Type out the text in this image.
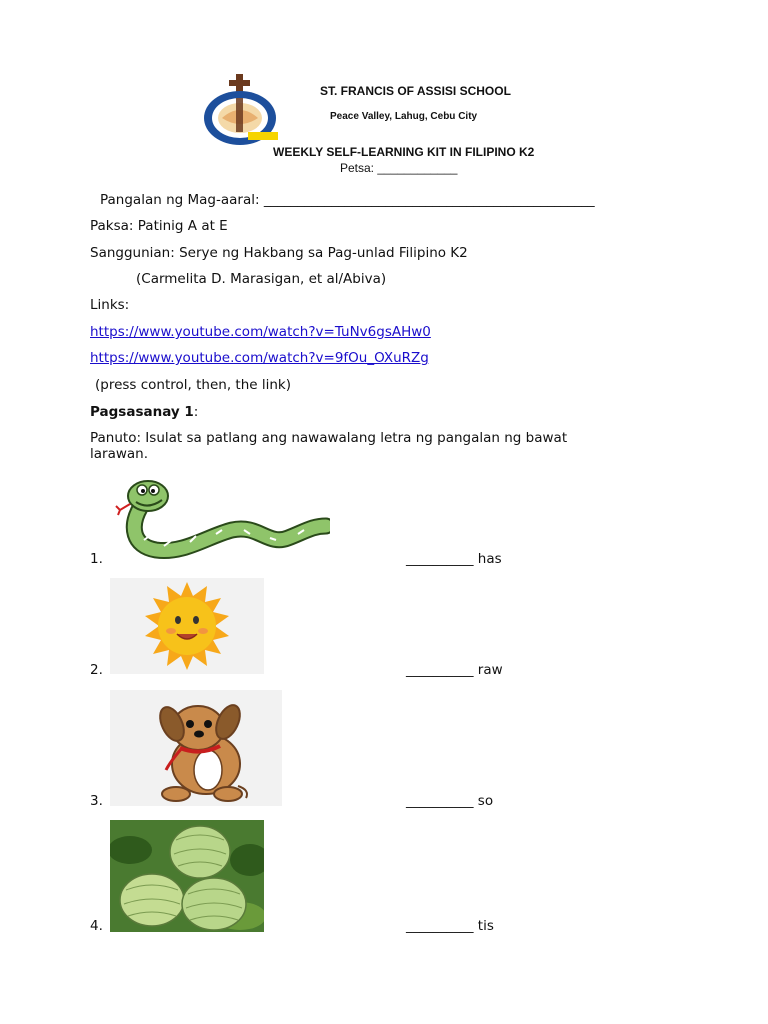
ST. FRANCIS OF ASSISI SCHOOL
Peace Valley, Lahug, Cebu City
WEEKLY SELF-LEARNING KIT IN FILIPINO K2
Petsa: ____________
Pangalan ng Mag-aaral: _________________________________________________
Paksa: Patinig A at E
Sanggunian: Serye ng Hakbang sa Pag-unlad Filipino K2
(Carmelita D. Marasigan, et al/Abiva)
Links:
https://www.youtube.com/watch?v=TuNv6gsAHw0
https://www.youtube.com/watch?v=9fOu_OXuRZg
(press control, then, the link)
Pagsasanay 1:
Panuto: Isulat sa patlang ang nawawalang letra ng pangalan ng bawat
larawan.
1.	__________ has
2.	__________ raw
3.	__________ so
4.	__________ tis
